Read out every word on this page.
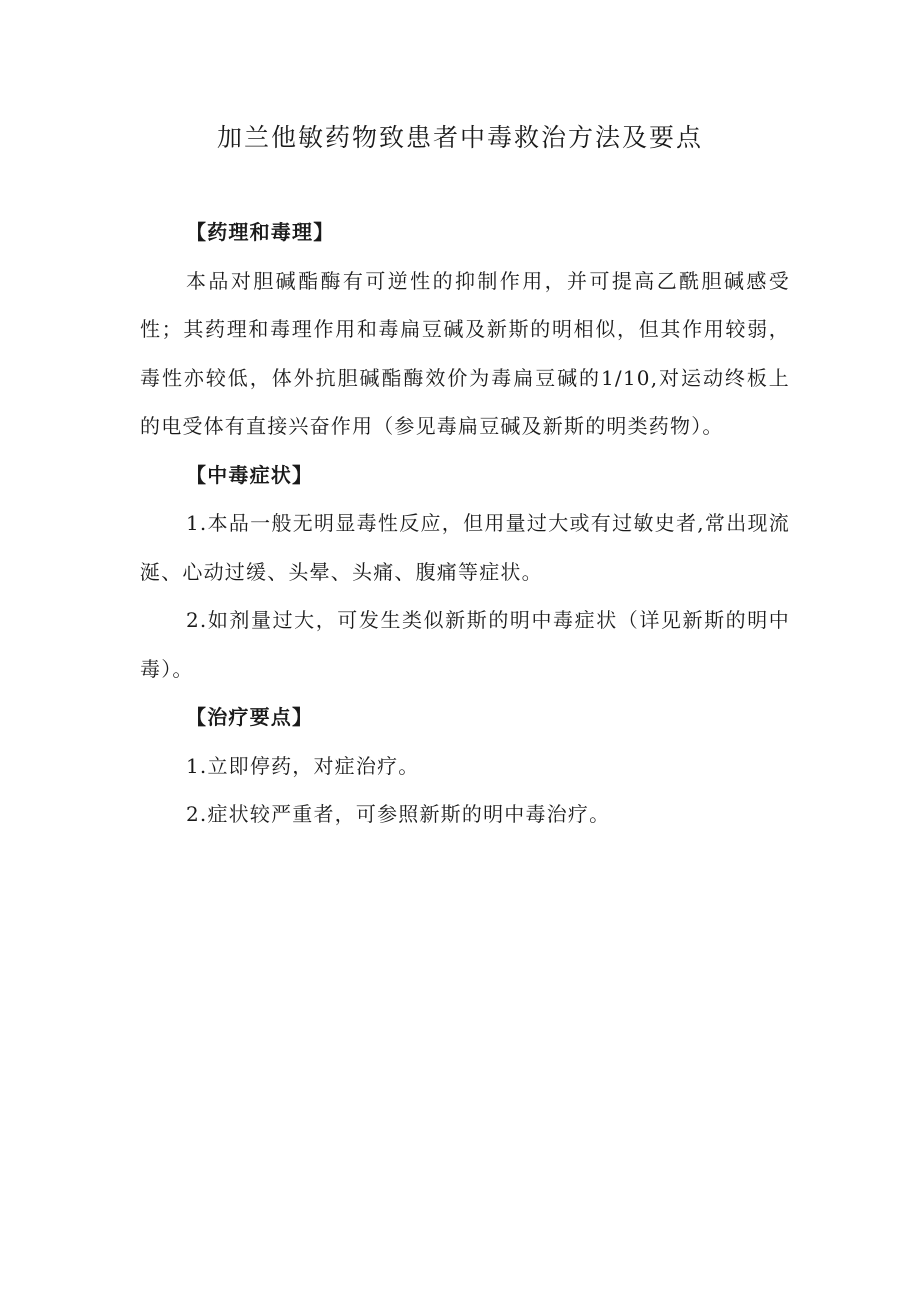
加兰他敏药物致患者中毒救治方法及要点

【药理和毒理】

本品对胆碱酯酶有可逆性的抑制作用，并可提高乙酰胆碱感受性；其药理和毒理作用和毒扁豆碱及新斯的明相似，但其作用较弱，毒性亦较低，体外抗胆碱酯酶效价为毒扁豆碱的1/10,对运动终板上的电受体有直接兴奋作用（参见毒扁豆碱及新斯的明类药物）。

【中毒症状】

1.本品一般无明显毒性反应，但用量过大或有过敏史者,常出现流涎、心动过缓、头晕、头痛、腹痛等症状。

2.如剂量过大，可发生类似新斯的明中毒症状（详见新斯的明中毒）。

【治疗要点】

1.立即停药，对症治疗。

2.症状较严重者，可参照新斯的明中毒治疗。
